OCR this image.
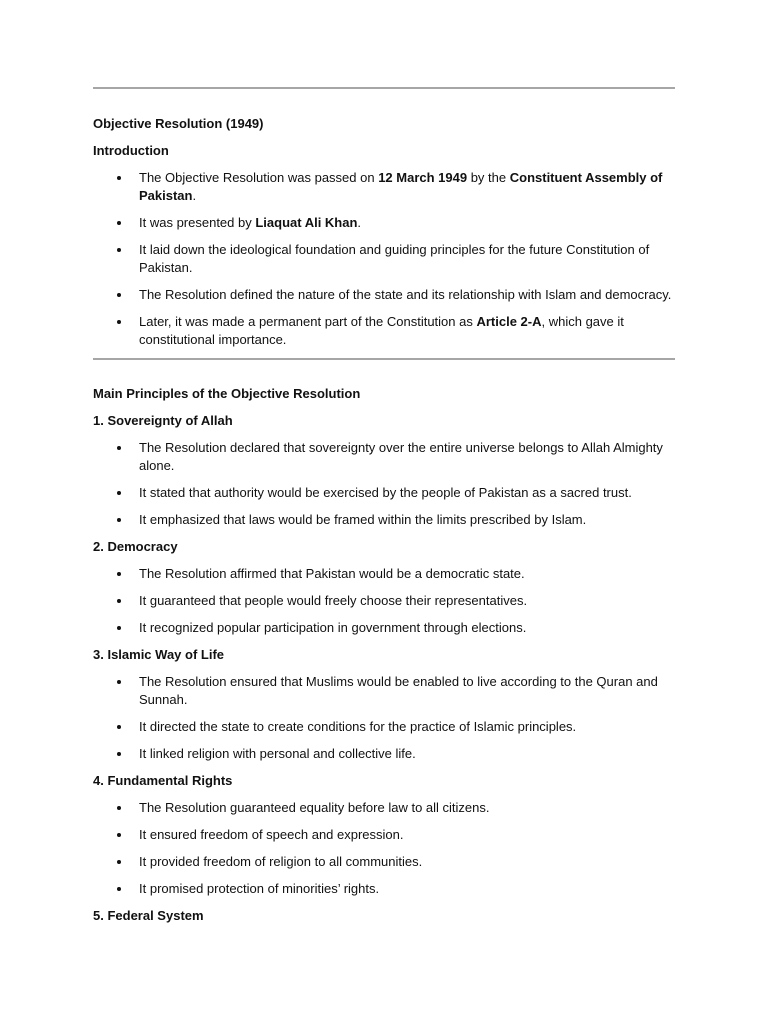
Objective Resolution (1949)

Introduction

The Objective Resolution was passed on 12 March 1949 by the Constituent Assembly of Pakistan.
It was presented by Liaquat Ali Khan.
It laid down the ideological foundation and guiding principles for the future Constitution of Pakistan.
The Resolution defined the nature of the state and its relationship with Islam and democracy.
Later, it was made a permanent part of the Constitution as Article 2-A, which gave it constitutional importance.

Main Principles of the Objective Resolution

1. Sovereignty of Allah

The Resolution declared that sovereignty over the entire universe belongs to Allah Almighty alone.
It stated that authority would be exercised by the people of Pakistan as a sacred trust.
It emphasized that laws would be framed within the limits prescribed by Islam.

2. Democracy

The Resolution affirmed that Pakistan would be a democratic state.
It guaranteed that people would freely choose their representatives.
It recognized popular participation in government through elections.

3. Islamic Way of Life

The Resolution ensured that Muslims would be enabled to live according to the Quran and Sunnah.
It directed the state to create conditions for the practice of Islamic principles.
It linked religion with personal and collective life.

4. Fundamental Rights

The Resolution guaranteed equality before law to all citizens.
It ensured freedom of speech and expression.
It provided freedom of religion to all communities.
It promised protection of minorities’ rights.

5. Federal System
